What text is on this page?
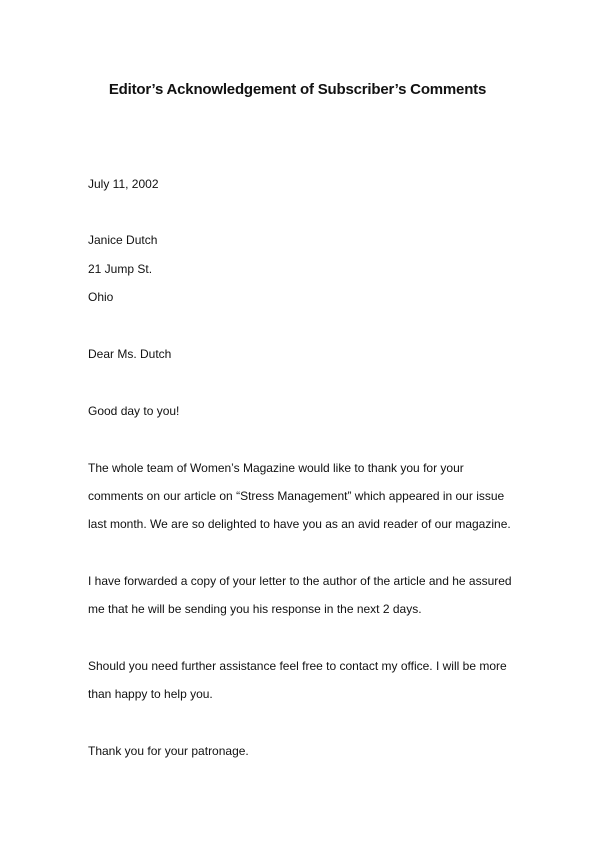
Editor’s Acknowledgement of Subscriber’s Comments
July 11, 2002
Janice Dutch
21 Jump St.
Ohio
Dear Ms. Dutch
Good day to you!
The whole team of Women’s Magazine would like to thank you for your
comments on our article on “Stress Management” which appeared in our issue
last month. We are so delighted to have you as an avid reader of our magazine.
I have forwarded a copy of your letter to the author of the article and he assured
me that he will be sending you his response in the next 2 days.
Should you need further assistance feel free to contact my office. I will be more
than happy to help you.
Thank you for your patronage.
